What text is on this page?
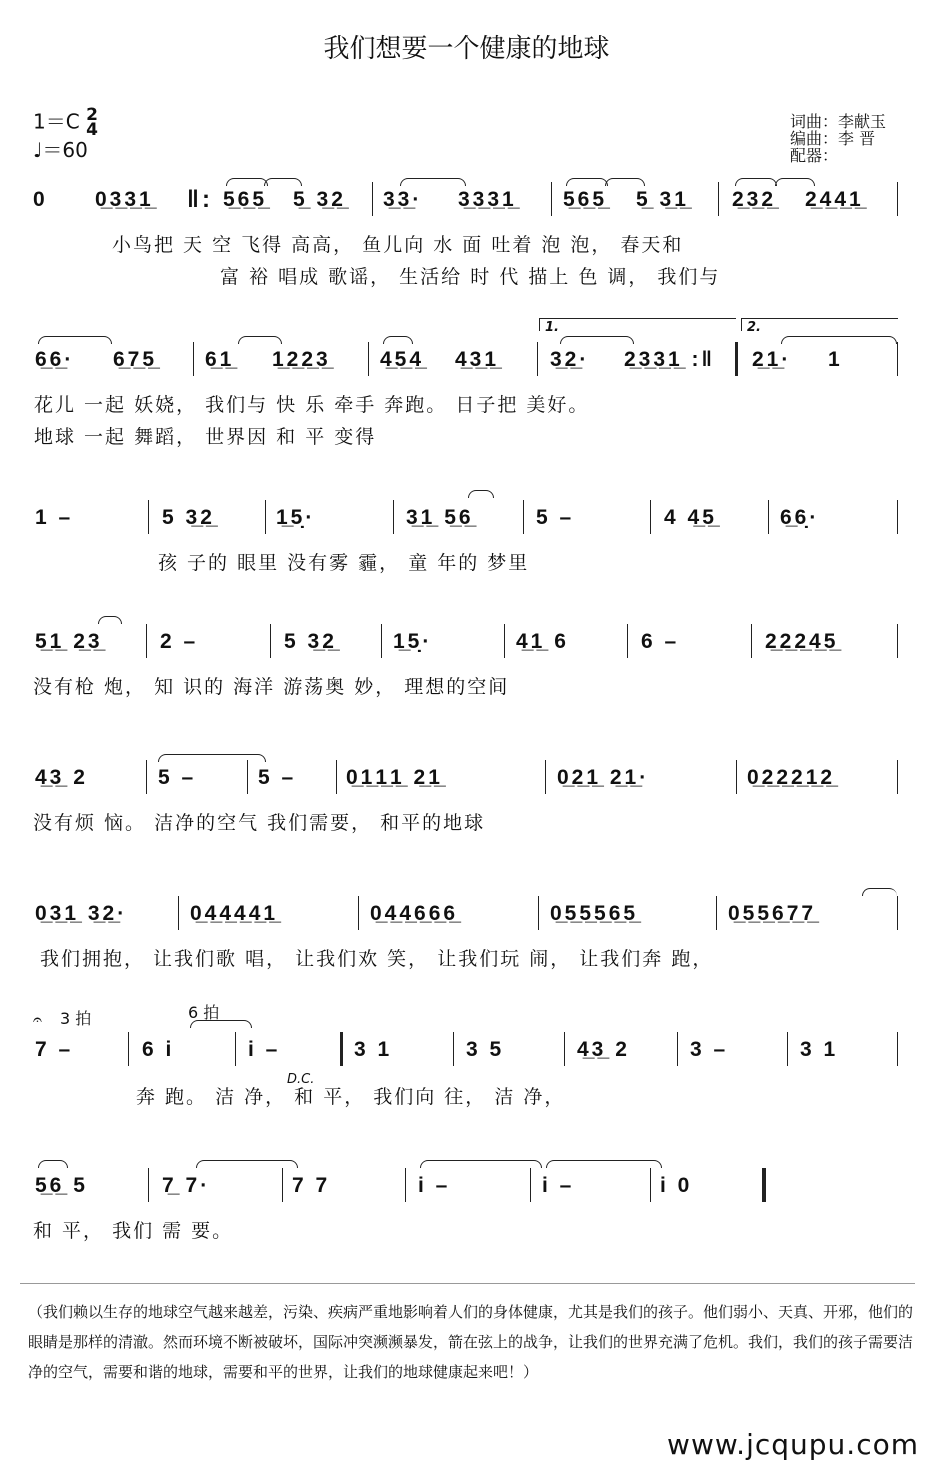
我们想要一个健康的地球
1＝C 2
4
♩＝60
词曲：李献玉
编曲：李 晋
配器：
0 0̲3̲3̲1̲ ‖: 5̲6̲5̲ 5̲ 3̲2̲ 3̲3̲· 3̲3̲3̲1̲ 5̲6̲5̲ 5̲ 3̲1̲ 2̲3̲2̲ 2̲4̲4̲1̲
小鸟把 天 空 飞得 高高， 鱼儿向 水 面 吐着 泡 泡， 春天和
富 裕 唱成 歌谣， 生活给 时 代 描上 色 调， 我们与
1.	2.
6̲6̲· 6̲7̲5̲ 6̲1̲ 1̲2̲2̲3̲ 4̲5̲4̲ 4̲3̲1̲ 3̲2̲· 2̲3̲3̲1̲ :‖ 2̲1̲· 1
花儿 一起 妖娆， 我们与 快 乐 牵手 奔跑。 日子把 美好。
地球 一起 舞蹈， 世界因 和 平 变得
1 –	5 3̲2̲	1̲5̣·	3̲1̲ 5̲6̲	5 –	4 4̲5̲	6̲6̣·
孩 子的 眼里 没有雾 霾， 童 年的 梦里
5̲1̲ 2̲3̲	2 –	5 3̲2̲	1̲5̣·	4̲1̲ 6	6 –	2̲2̲2̲4̲5̲
没有枪 炮， 知 识的 海洋 游荡奥 妙， 理想的空间
4̲3̲ 2	5 –	5 – 0̲1̲1̲1̲ 2̲1̲	0̲2̲1̲ 2̲1̲·	0̲2̲2̲2̲1̲2̲
没有烦 恼。 洁净的空气 我们需要， 和平的地球
0̲3̲1̲ 3̲2̲·	0̲4̲4̲4̲4̲1̲	0̲4̲4̲6̲6̲6̲	0̲5̲5̲5̲6̲5̲	0̲5̲5̲6̲7̲7̲
我们拥抱， 让我们歌 唱， 让我们欢 笑， 让我们玩 闹， 让我们奔 跑，
𝄐 3 拍	6 拍
7 –	6 i	i –	3 1	3 5	4̲3̲ 2	3 –	3 1
D.C.
奔 跑。 洁 净， 和 平， 我们向 往， 洁 净，
5̲6̲ 5	7̲ 7·	7 7	i –	i –	i 0
和 平， 我们 需 要。
（我们赖以生存的地球空气越来越差，污染、疾病严重地影响着人们的身体健康，尤其是我们的孩子。他们弱小、天真、开邪，他们的眼睛是那样的清澈。然而环境不断被破坏，国际冲突濒濒暴发，箭在弦上的战争，让我们的世界充满了危机。我们，我们的孩子需要洁净的空气，需要和谐的地球，需要和平的世界，让我们的地球健康起来吧！）
www.jcqupu.com
